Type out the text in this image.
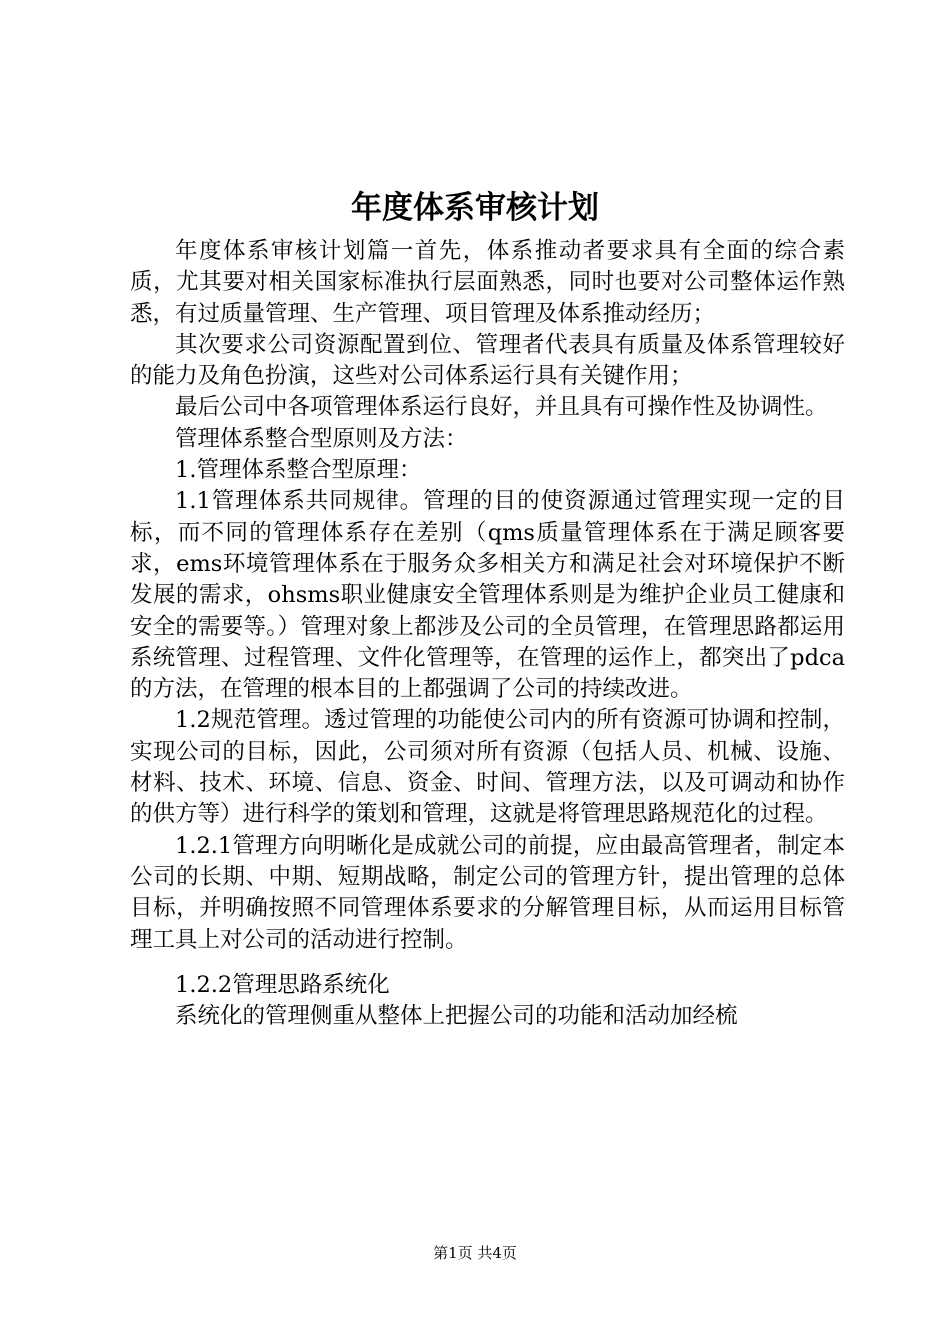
年度体系审核计划

年度体系审核计划篇一首先，体系推动者要求具有全面的综合素质，尤其要对相关国家标准执行层面熟悉，同时也要对公司整体运作熟悉，有过质量管理、生产管理、项目管理及体系推动经历；

其次要求公司资源配置到位、管理者代表具有质量及体系管理较好的能力及角色扮演，这些对公司体系运行具有关键作用；

最后公司中各项管理体系运行良好，并且具有可操作性及协调性。

管理体系整合型原则及方法：

1.管理体系整合型原理：

1.1管理体系共同规律。管理的目的使资源通过管理实现一定的目标，而不同的管理体系存在差别（qms质量管理体系在于满足顾客要求，ems环境管理体系在于服务众多相关方和满足社会对环境保护不断发展的需求，ohsms职业健康安全管理体系则是为维护企业员工健康和安全的需要等。）管理对象上都涉及公司的全员管理，在管理思路都运用系统管理、过程管理、文件化管理等，在管理的运作上，都突出了pdca的方法，在管理的根本目的上都强调了公司的持续改进。

1.2规范管理。透过管理的功能使公司内的所有资源可协调和控制，实现公司的目标，因此，公司须对所有资源（包括人员、机械、设施、材料、技术、环境、信息、资金、时间、管理方法，以及可调动和协作的供方等）进行科学的策划和管理，这就是将管理思路规范化的过程。

1.2.1管理方向明晰化是成就公司的前提，应由最高管理者，制定本公司的长期、中期、短期战略，制定公司的管理方针，提出管理的总体目标，并明确按照不同管理体系要求的分解管理目标，从而运用目标管理工具上对公司的活动进行控制。

1.2.2管理思路系统化

系统化的管理侧重从整体上把握公司的功能和活动加经梳

第1页 共4页
